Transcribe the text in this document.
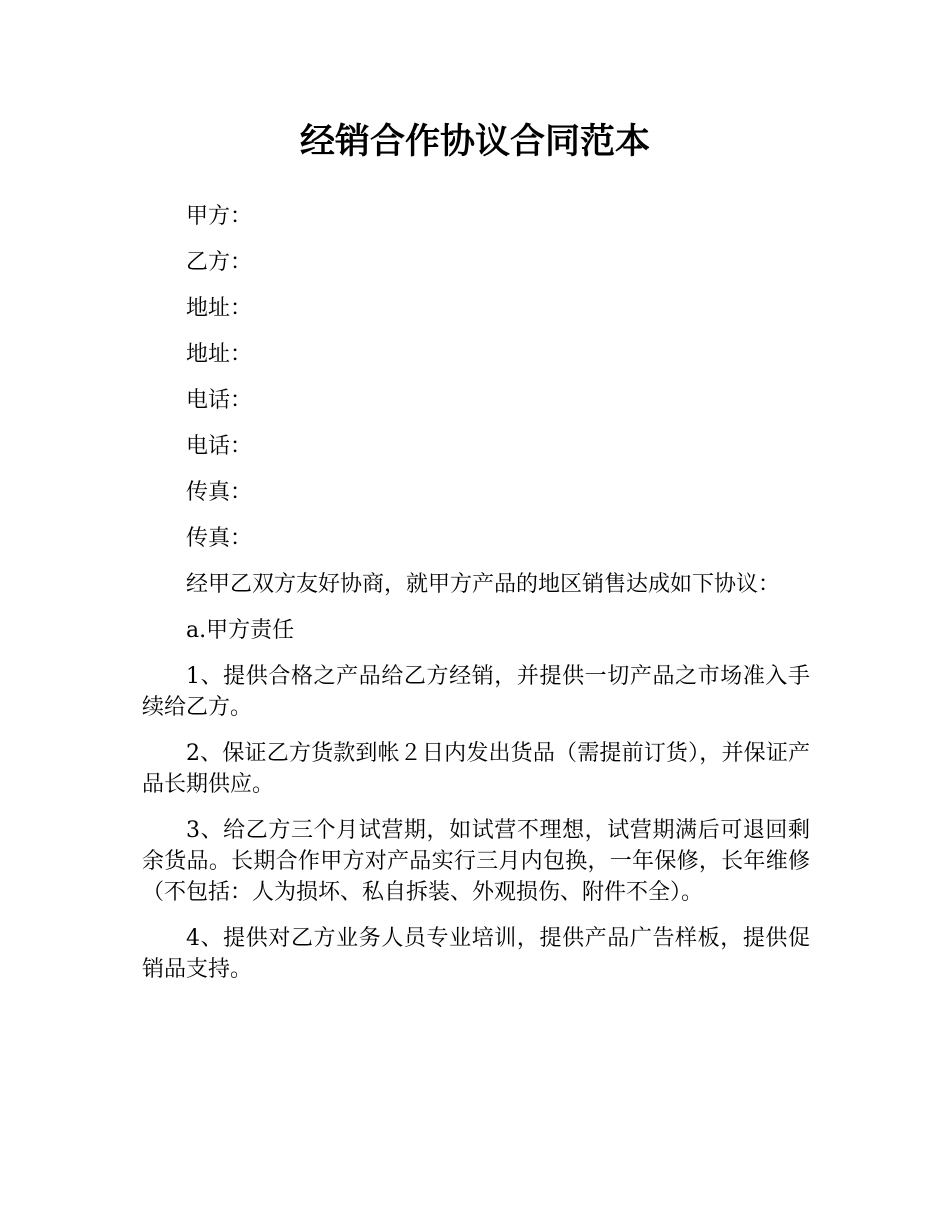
经销合作协议合同范本

甲方：

乙方：

地址：

地址：

电话：

电话：

传真：

传真：

经甲乙双方友好协商，就甲方产品的地区销售达成如下协议：

a.甲方责任

1、提供合格之产品给乙方经销，并提供一切产品之市场准入手续给乙方。

2、保证乙方货款到帐２日内发出货品（需提前订货），并保证产品长期供应。

3、给乙方三个月试营期，如试营不理想，试营期满后可退回剩余货品。长期合作甲方对产品实行三月内包换，一年保修，长年维修（不包括：人为损坏、私自拆装、外观损伤、附件不全）。

4、提供对乙方业务人员专业培训，提供产品广告样板，提供促销品支持。
